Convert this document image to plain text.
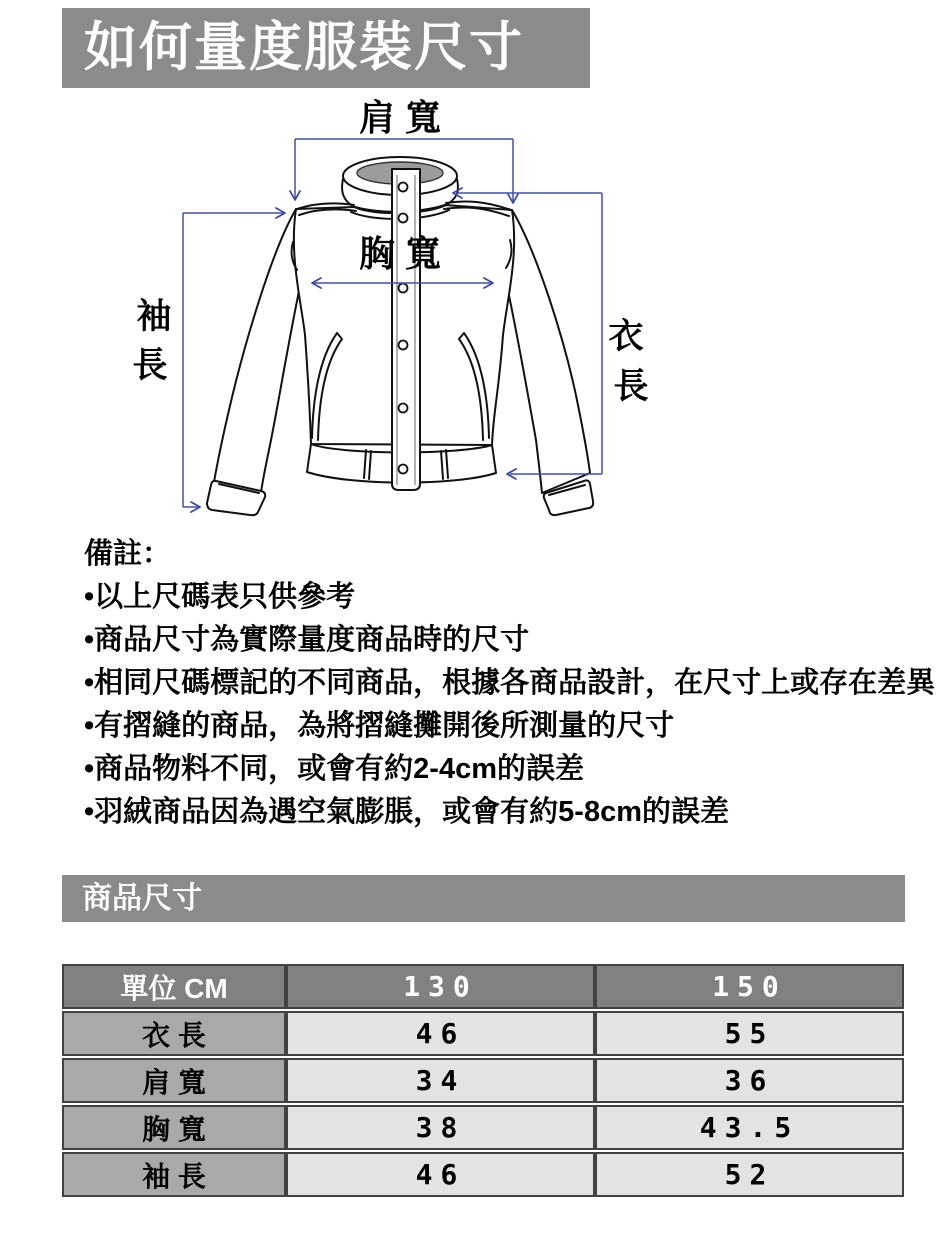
如何量度服裝尺寸
肩 寬
胸 寬
袖
長
衣
長
備註：
•以上尺碼表只供參考
•商品尺寸為實際量度商品時的尺寸
•相同尺碼標記的不同商品，根據各商品設計，在尺寸上或存在差異
•有摺縫的商品，為將摺縫攤開後所測量的尺寸
•商品物料不同，或會有約2-4cm的誤差
•羽絨商品因為遇空氣膨脹，或會有約5-8cm的誤差
商品尺寸
單位 CM	130	150
衣 長	46	55
肩 寬	34	36
胸 寬	38	43.5
袖 長	46	52
